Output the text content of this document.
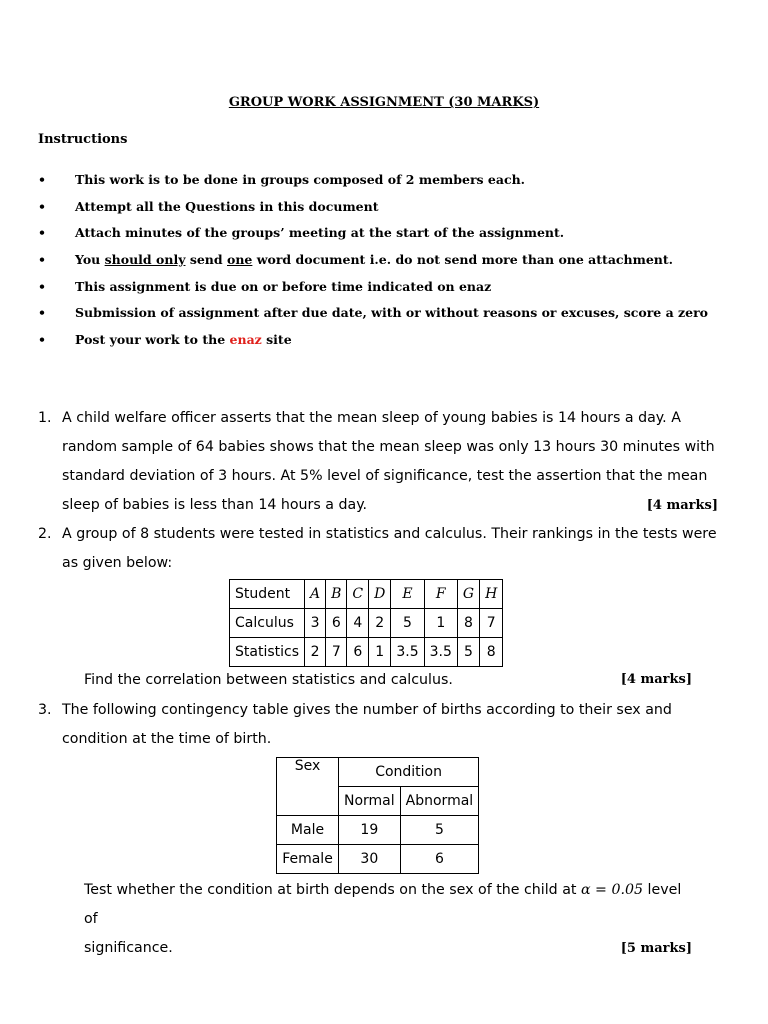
GROUP WORK ASSIGNMENT (30 MARKS)
Instructions
• This work is to be done in groups composed of 2 members each.
• Attempt all the Questions in this document
• Attach minutes of the groups’ meeting at the start of the assignment.
• You should only send one word document i.e. do not send more than one attachment.
• This assignment is due on or before time indicated on enaz
• Submission of assignment after due date, with or without reasons or excuses, score a zero
• Post your work to the enaz site
1. A child welfare officer asserts that the mean sleep of young babies is 14 hours a day. A random sample of 64 babies shows that the mean sleep was only 13 hours 30 minutes with standard deviation of 3 hours. At 5% level of significance, test the assertion that the mean sleep of babies is less than 14 hours a day.	[4 marks]
2. A group of 8 students were tested in statistics and calculus. Their rankings in the tests were as given below:
Student	A	B	C	D	E	F	G	H
Calculus	3	6	4	2	5	1	8	7
Statistics	2	7	6	1	3.5	3.5	5	8
Find the correlation between statistics and calculus.	[4 marks]
3. The following contingency table gives the number of births according to their sex and condition at the time of birth.
Sex	Condition	
	Normal	Abnormal
Male	19	5
Female	30	6
Test whether the condition at birth depends on the sex of the child at α = 0.05 level of
significance.	[5 marks]
